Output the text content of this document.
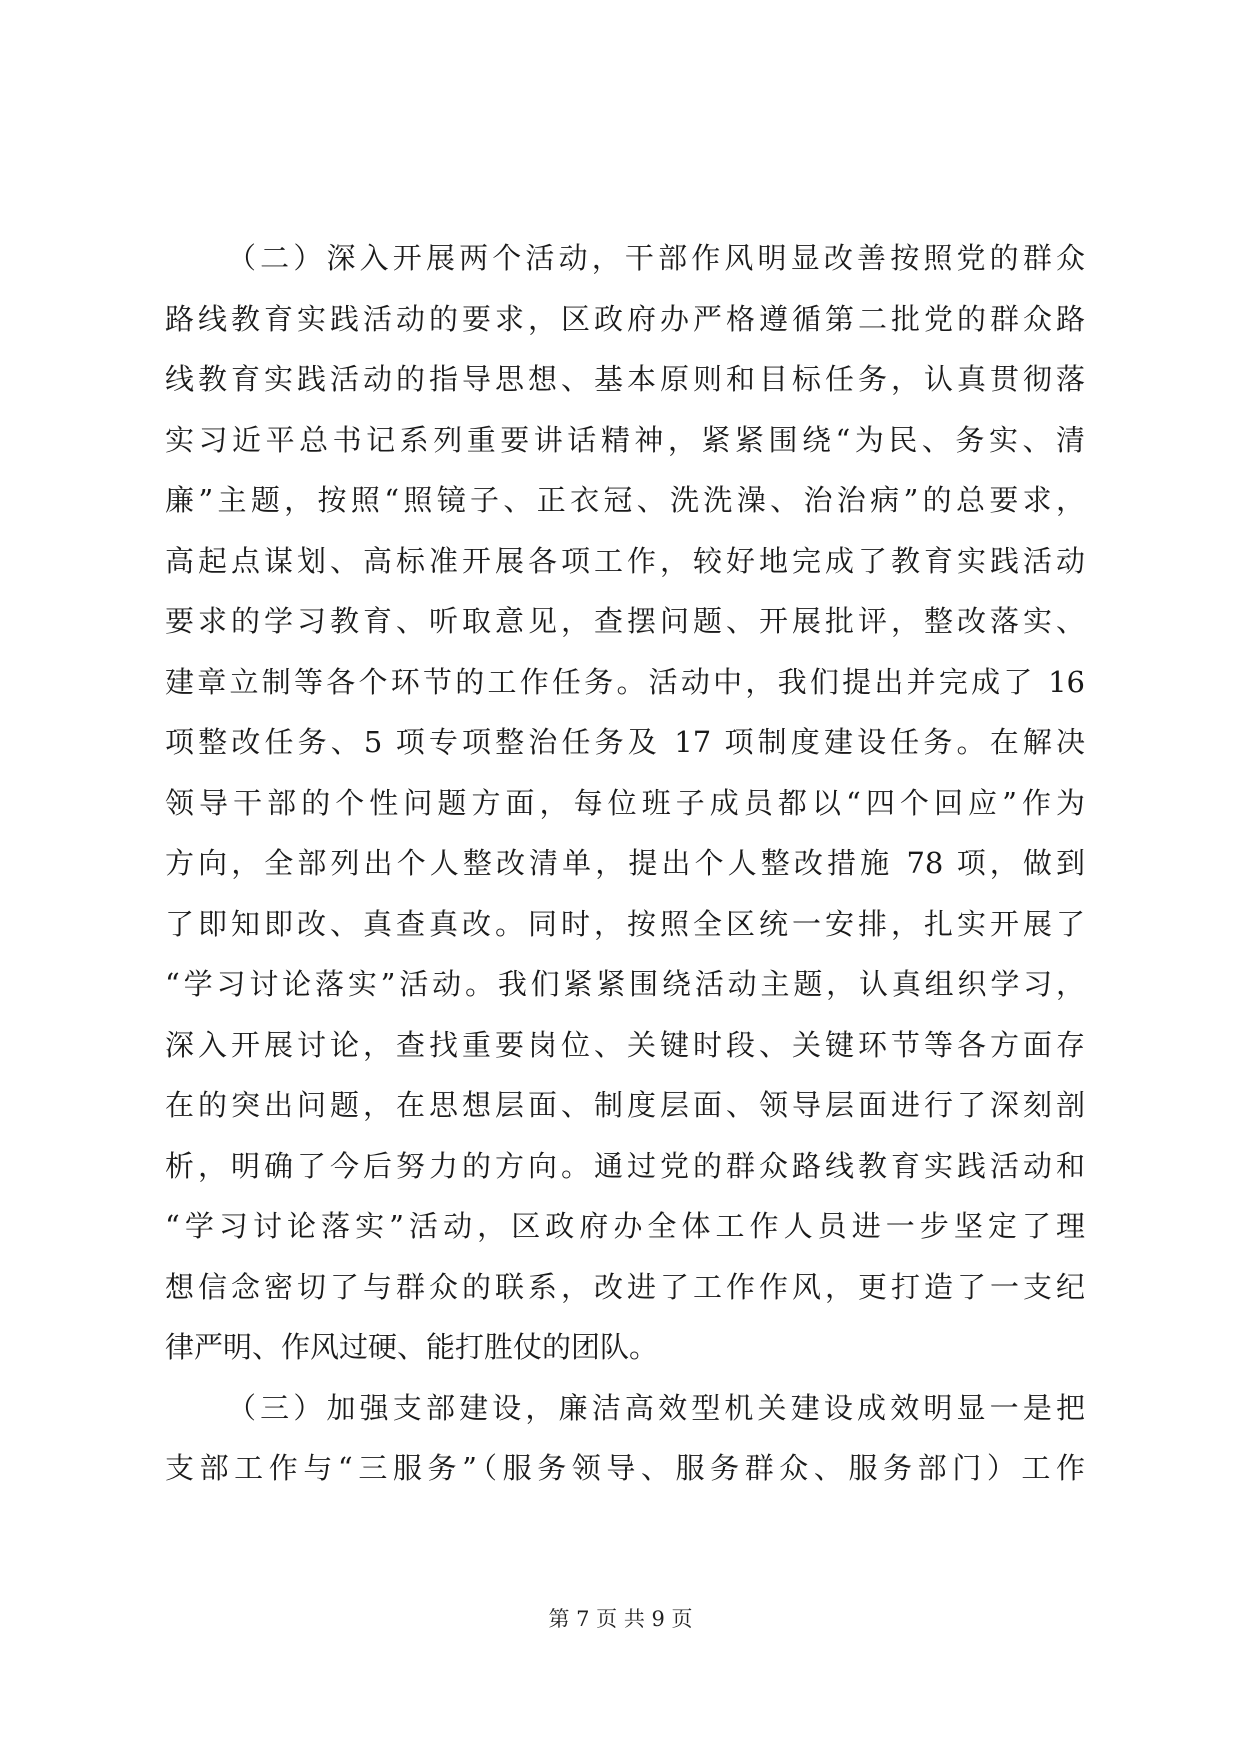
（二）深入开展两个活动，干部作风明显改善按照党的群众
路线教育实践活动的要求，区政府办严格遵循第二批党的群众路
线教育实践活动的指导思想、基本原则和目标任务，认真贯彻落
实习近平总书记系列重要讲话精神，紧紧围绕“为民、务实、清
廉”主题，按照“照镜子、正衣冠、洗洗澡、治治病”的总要求，
高起点谋划、高标准开展各项工作，较好地完成了教育实践活动
要求的学习教育、听取意见，查摆问题、开展批评，整改落实、
建章立制等各个环节的工作任务。活动中，我们提出并完成了 16
项整改任务、5 项专项整治任务及 17 项制度建设任务。在解决
领导干部的个性问题方面，每位班子成员都以“四个回应”作为
方向，全部列出个人整改清单，提出个人整改措施 78 项，做到
了即知即改、真查真改。同时，按照全区统一安排，扎实开展了
“学习讨论落实”活动。我们紧紧围绕活动主题，认真组织学习，
深入开展讨论，查找重要岗位、关键时段、关键环节等各方面存
在的突出问题，在思想层面、制度层面、领导层面进行了深刻剖
析，明确了今后努力的方向。通过党的群众路线教育实践活动和
“学习讨论落实”活动，区政府办全体工作人员进一步坚定了理
想信念密切了与群众的联系，改进了工作作风，更打造了一支纪
律严明、作风过硬、能打胜仗的团队。
（三）加强支部建设，廉洁高效型机关建设成效明显一是把
支部工作与“三服务”（服务领导、服务群众、服务部门）工作
第 7 页 共 9 页
